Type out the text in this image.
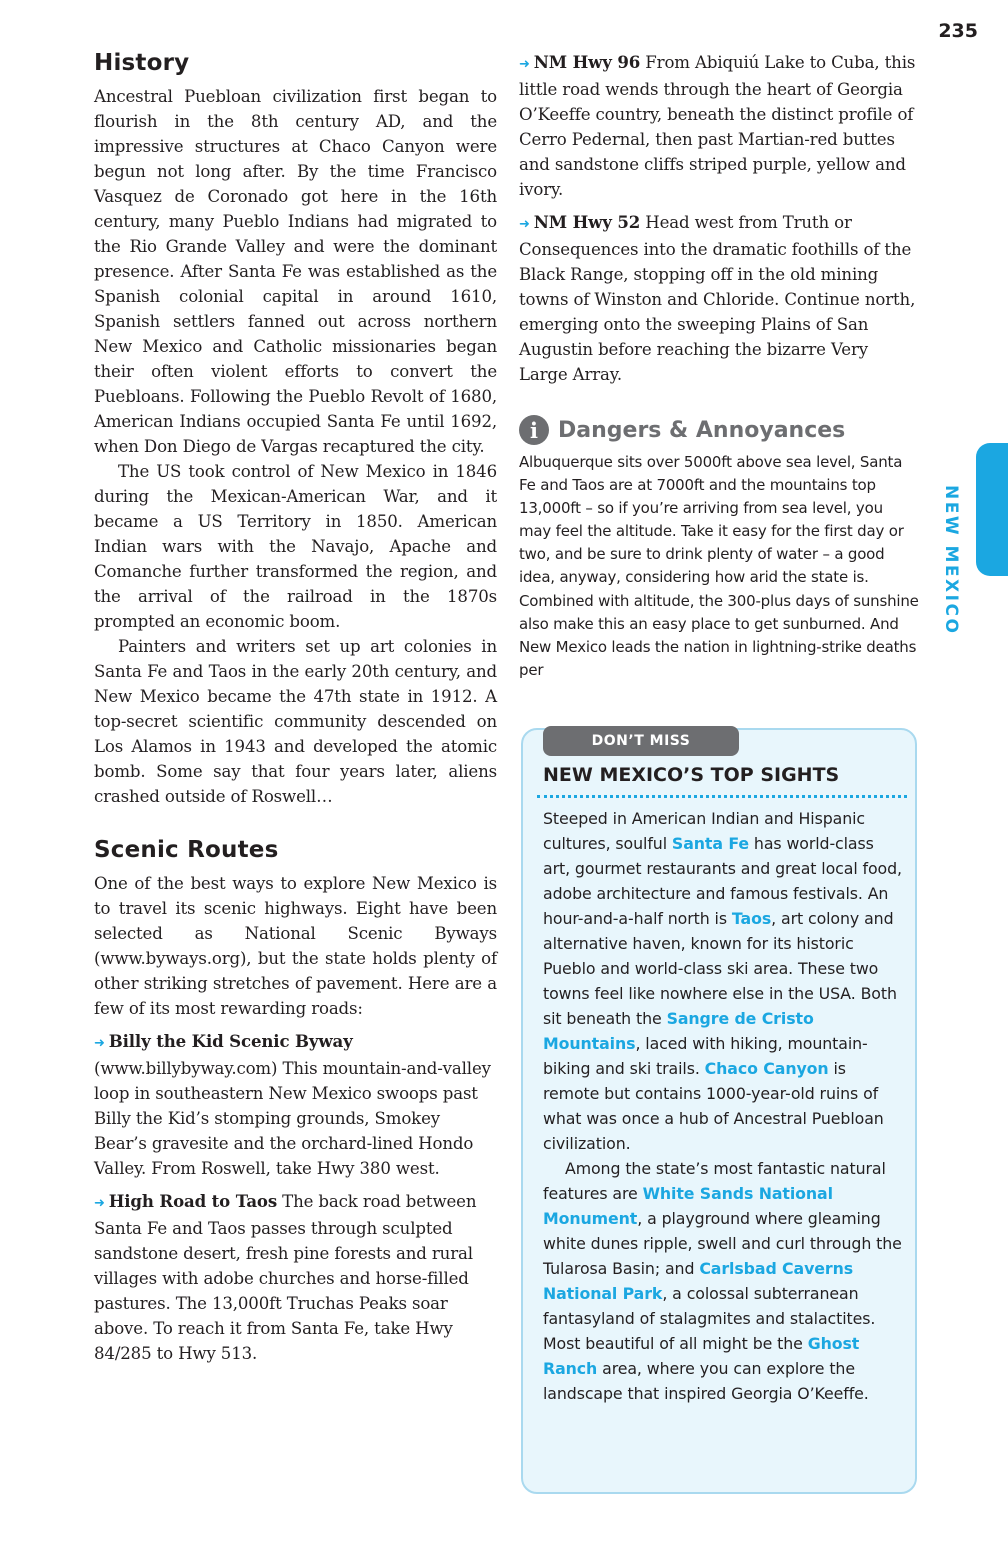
235
NEW MEXICO
History

Ancestral Puebloan civilization first began to flourish in the 8th century AD, and the impressive structures at Chaco Canyon were begun not long after. By the time Francisco Vasquez de Coronado got here in the 16th century, many Pueblo Indians had migrated to the Rio Grande Valley and were the dominant presence. After Santa Fe was established as the Spanish colonial capital in around 1610, Spanish settlers fanned out across northern New Mexico and Catholic missionaries began their often violent efforts to convert the Puebloans. Following the Pueblo Revolt of 1680, American Indians occupied Santa Fe until 1692, when Don Diego de Vargas recaptured the city.

The US took control of New Mexico in 1846 during the Mexican-American War, and it became a US Territory in 1850. American Indian wars with the Navajo, Apache and Comanche further transformed the region, and the arrival of the railroad in the 1870s prompted an economic boom.

Painters and writers set up art colonies in Santa Fe and Taos in the early 20th century, and New Mexico became the 47th state in 1912. A top-secret scientific community descended on Los Alamos in 1943 and developed the atomic bomb. Some say that four years later, aliens crashed outside of Roswell…

Scenic Routes

One of the best ways to explore New Mexico is to travel its scenic highways. Eight have been selected as National Scenic Byways (www.byways.org), but the state holds plenty of other striking stretches of pavement. Here are a few of its most rewarding roads:

➜ Billy the Kid Scenic Byway (www.billybyway.com) This mountain-and-valley loop in southeastern New Mexico swoops past Billy the Kid’s stomping grounds, Smokey Bear’s gravesite and the orchard-lined Hondo Valley. From Roswell, take Hwy 380 west.

➜ High Road to Taos The back road between Santa Fe and Taos passes through sculpted sandstone desert, fresh pine forests and rural villages with adobe churches and horse-filled pastures. The 13,000ft Truchas Peaks soar above. To reach it from Santa Fe, take Hwy 84/285 to Hwy 513.

➜ NM Hwy 96 From Abiquiú Lake to Cuba, this little road wends through the heart of Georgia O’Keeffe country, beneath the distinct profile of Cerro Pedernal, then past Martian-red buttes and sandstone cliffs striped purple, yellow and ivory.

➜ NM Hwy 52 Head west from Truth or Consequences into the dramatic foothills of the Black Range, stopping off in the old mining towns of Winston and Chloride. Continue north, emerging onto the sweeping Plains of San Augustin before reaching the bizarre Very Large Array.

i Dangers & Annoyances

Albuquerque sits over 5000ft above sea level, Santa Fe and Taos are at 7000ft and the mountains top 13,000ft – so if you’re arriving from sea level, you may feel the altitude. Take it easy for the first day or two, and be sure to drink plenty of water – a good idea, anyway, considering how arid the state is. Combined with altitude, the 300-plus days of sunshine also make this an easy place to get sunburned. And New Mexico leads the nation in lightning-strike deaths per

DON’T MISS
NEW MEXICO’S TOP SIGHTS

Steeped in American Indian and Hispanic cultures, soulful Santa Fe has world-class art, gourmet restaurants and great local food, adobe architecture and famous festivals. An hour-and-a-half north is Taos, art colony and alternative haven, known for its historic Pueblo and world-class ski area. These two towns feel like nowhere else in the USA. Both sit beneath the Sangre de Cristo Mountains, laced with hiking, mountain-biking and ski trails. Chaco Canyon is remote but contains 1000-year-old ruins of what was once a hub of Ancestral Puebloan civilization.

Among the state’s most fantastic natural features are White Sands National Monument, a playground where gleaming white dunes ripple, swell and curl through the Tularosa Basin; and Carlsbad Caverns National Park, a colossal subterranean fantasyland of stalagmites and stalactites. Most beautiful of all might be the Ghost Ranch area, where you can explore the landscape that inspired Georgia O’Keeffe.
